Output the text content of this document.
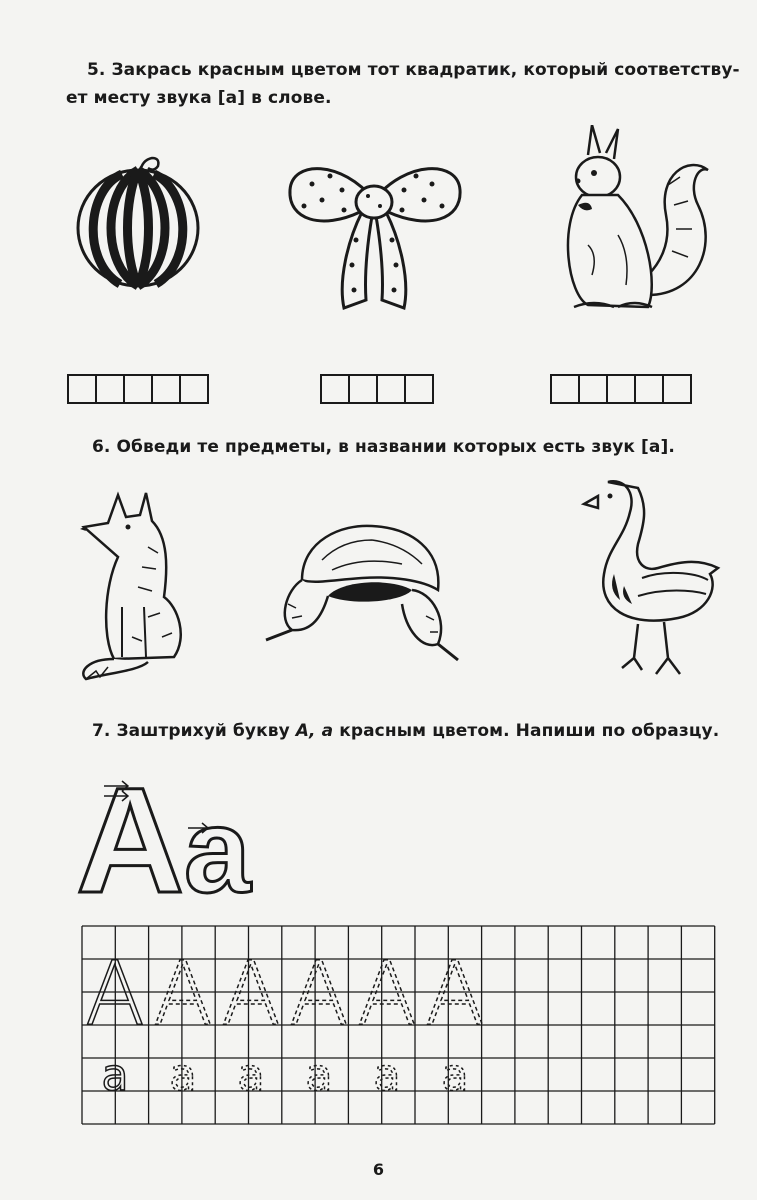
5. Закрась красным цветом тот квадратик, который соответству-

ет месту звука [а] в слове.

6. Обведи те предметы, в названии которых есть звук [а].

7. Заштрихуй букву А, а красным цветом. Напиши по образцу.

А а
А
а
А
а
А
а
А
а
А
а
А
а
6
